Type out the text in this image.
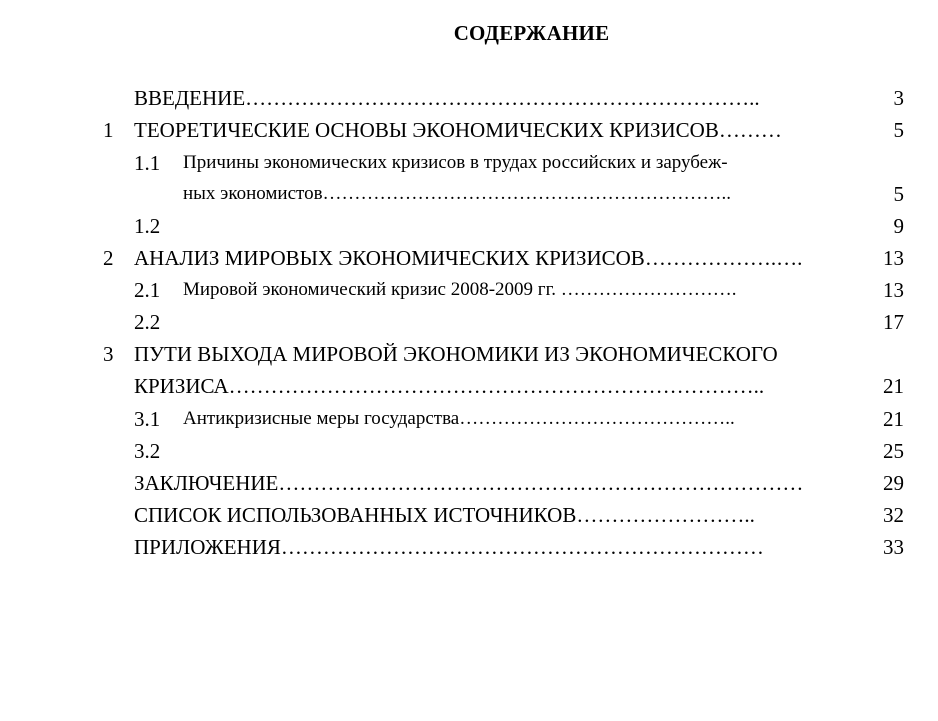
СОДЕРЖАНИЕ
ВВЕДЕНИЕ………………………………………………………………..	3
1 ТЕОРЕТИЧЕСКИЕ ОСНОВЫ ЭКОНОМИЧЕСКИХ КРИЗИСОВ………	5
1.1 Причины экономических кризисов в трудах российских и зарубеж-
ных экономистов………………………………………………………..	5
1.2	9
2 АНАЛИЗ МИРОВЫХ ЭКОНОМИЧЕСКИХ КРИЗИСОВ……………….….	13
2.1 Мировой экономический кризис 2008-2009 гг. ……………………….	13
2.2	17
3 ПУТИ ВЫХОДА МИРОВОЙ ЭКОНОМИКИ ИЗ ЭКОНОМИЧЕСКОГО
КРИЗИСА…………………………………………………………………..	21
3.1 Антикризисные меры государства……………………………………..	21
3.2	25
ЗАКЛЮЧЕНИЕ…………………………………………………………………	29
СПИСОК ИСПОЛЬЗОВАННЫХ ИСТОЧНИКОВ……………………..	32
ПРИЛОЖЕНИЯ……………………………………………………………	33
